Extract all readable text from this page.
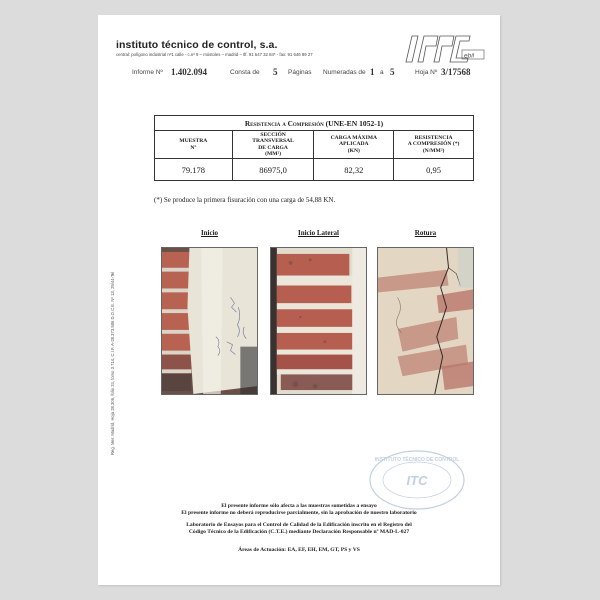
instituto técnico de control, s.a.
central: polígono industrial nº1 calle - c.nº 9 – móstoles – madrid – tlf. 91 647 32 84* - fax: 91 646 89 27	ebil
Informe Nº 1.402.094	Consta de 5 Páginas Numeradas de 1 a 5	Hoja Nº 3/17568
Resistencia a Compresión (UNE-EN 1052-1)			
MUESTRA
Nº	SECCIÓN
TRANSVERSAL
DE CARGA
(MM²)	CARGA MÁXIMA
APLICADA
(KN)	RESISTENCIA
A COMPRESIÓN (*)
(N/MM²)
79.178	86975,0	82,32	0,95
(*) Se produce la primera fisuración con una carga de 54,88 KN.
Reg. Mer. Madrid, Hoja 28.306, folio 24, tomo 3.714, C.I.F. A-28.373.586 D.O.C.E. Nº 13, 29/44-Tel
Inicio	Inicio Lateral	Rotura
INSTITUTO TÉCNICO DE CONTROL
ITC
El presente informe sólo afecta a las muestras sometidas a ensayo
El presente informe no deberá reproducirse parcialmente, sin la aprobación de nuestro laboratorio
Laboratorio de Ensayos para el Control de Calidad de la Edificación inscrito en el Registro del
Código Técnico de la Edificación (C.T.E.) mediante Declaración Responsable nº MAD-L-027
Áreas de Actuación: EA, EF, EH, EM, GT, PS y VS
